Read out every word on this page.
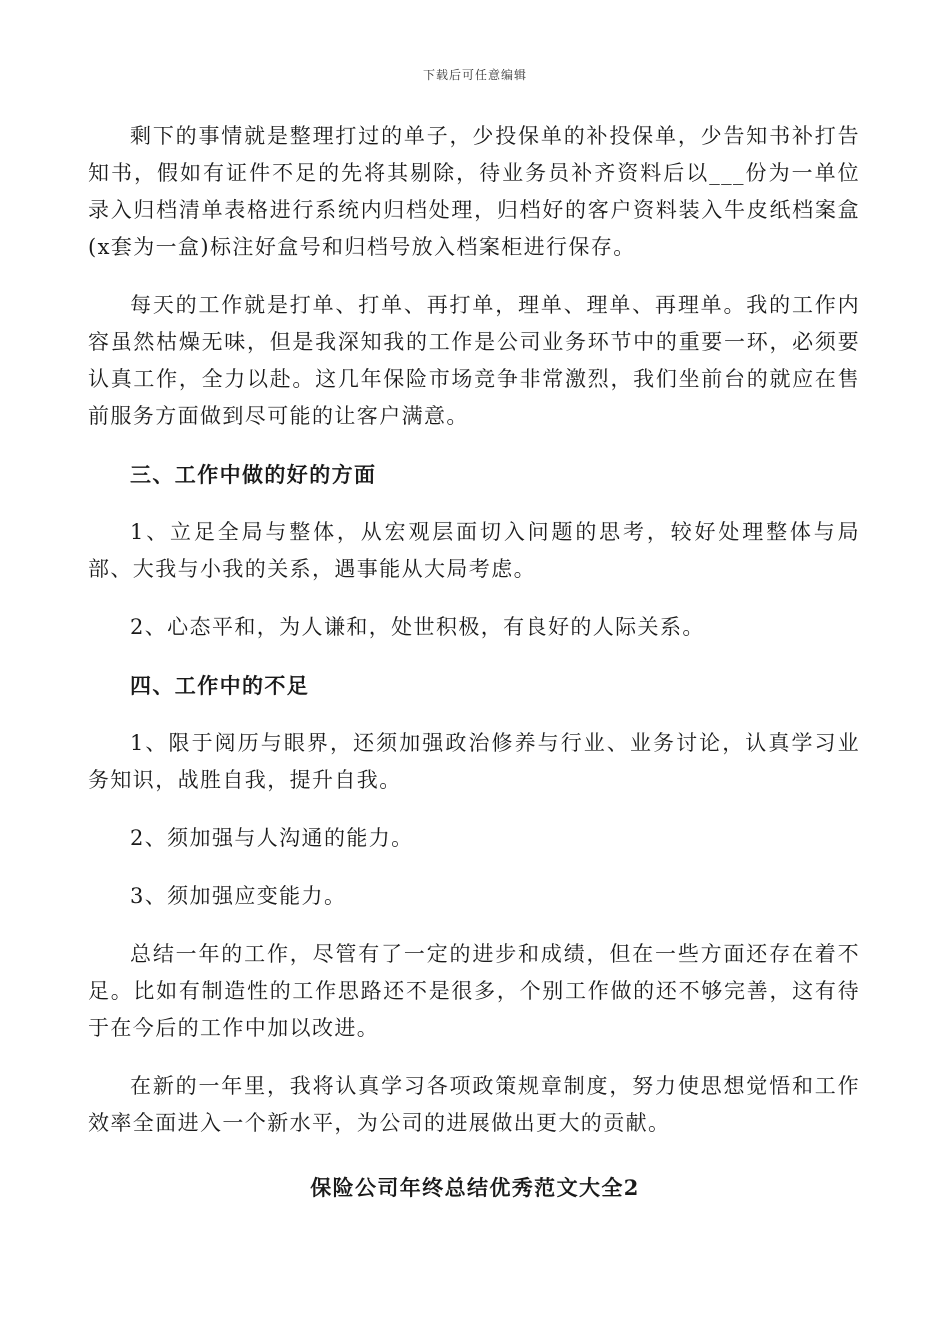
下载后可任意编辑

剩下的事情就是整理打过的单子，少投保单的补投保单，少告知书补打告知书，假如有证件不足的先将其剔除，待业务员补齐资料后以___份为一单位录入归档清单表格进行系统内归档处理，归档好的客户资料装入牛皮纸档案盒(x套为一盒)标注好盒号和归档号放入档案柜进行保存。

每天的工作就是打单、打单、再打单，理单、理单、再理单。我的工作内容虽然枯燥无味，但是我深知我的工作是公司业务环节中的重要一环，必须要认真工作，全力以赴。这几年保险市场竞争非常激烈，我们坐前台的就应在售前服务方面做到尽可能的让客户满意。

三、工作中做的好的方面

1、立足全局与整体，从宏观层面切入问题的思考，较好处理整体与局部、大我与小我的关系，遇事能从大局考虑。

2、心态平和，为人谦和，处世积极，有良好的人际关系。

四、工作中的不足

1、限于阅历与眼界，还须加强政治修养与行业、业务讨论，认真学习业务知识，战胜自我，提升自我。

2、须加强与人沟通的能力。

3、须加强应变能力。

总结一年的工作，尽管有了一定的进步和成绩，但在一些方面还存在着不足。比如有制造性的工作思路还不是很多，个别工作做的还不够完善，这有待于在今后的工作中加以改进。

在新的一年里，我将认真学习各项政策规章制度，努力使思想觉悟和工作效率全面进入一个新水平，为公司的进展做出更大的贡献。

保险公司年终总结优秀范文大全2
